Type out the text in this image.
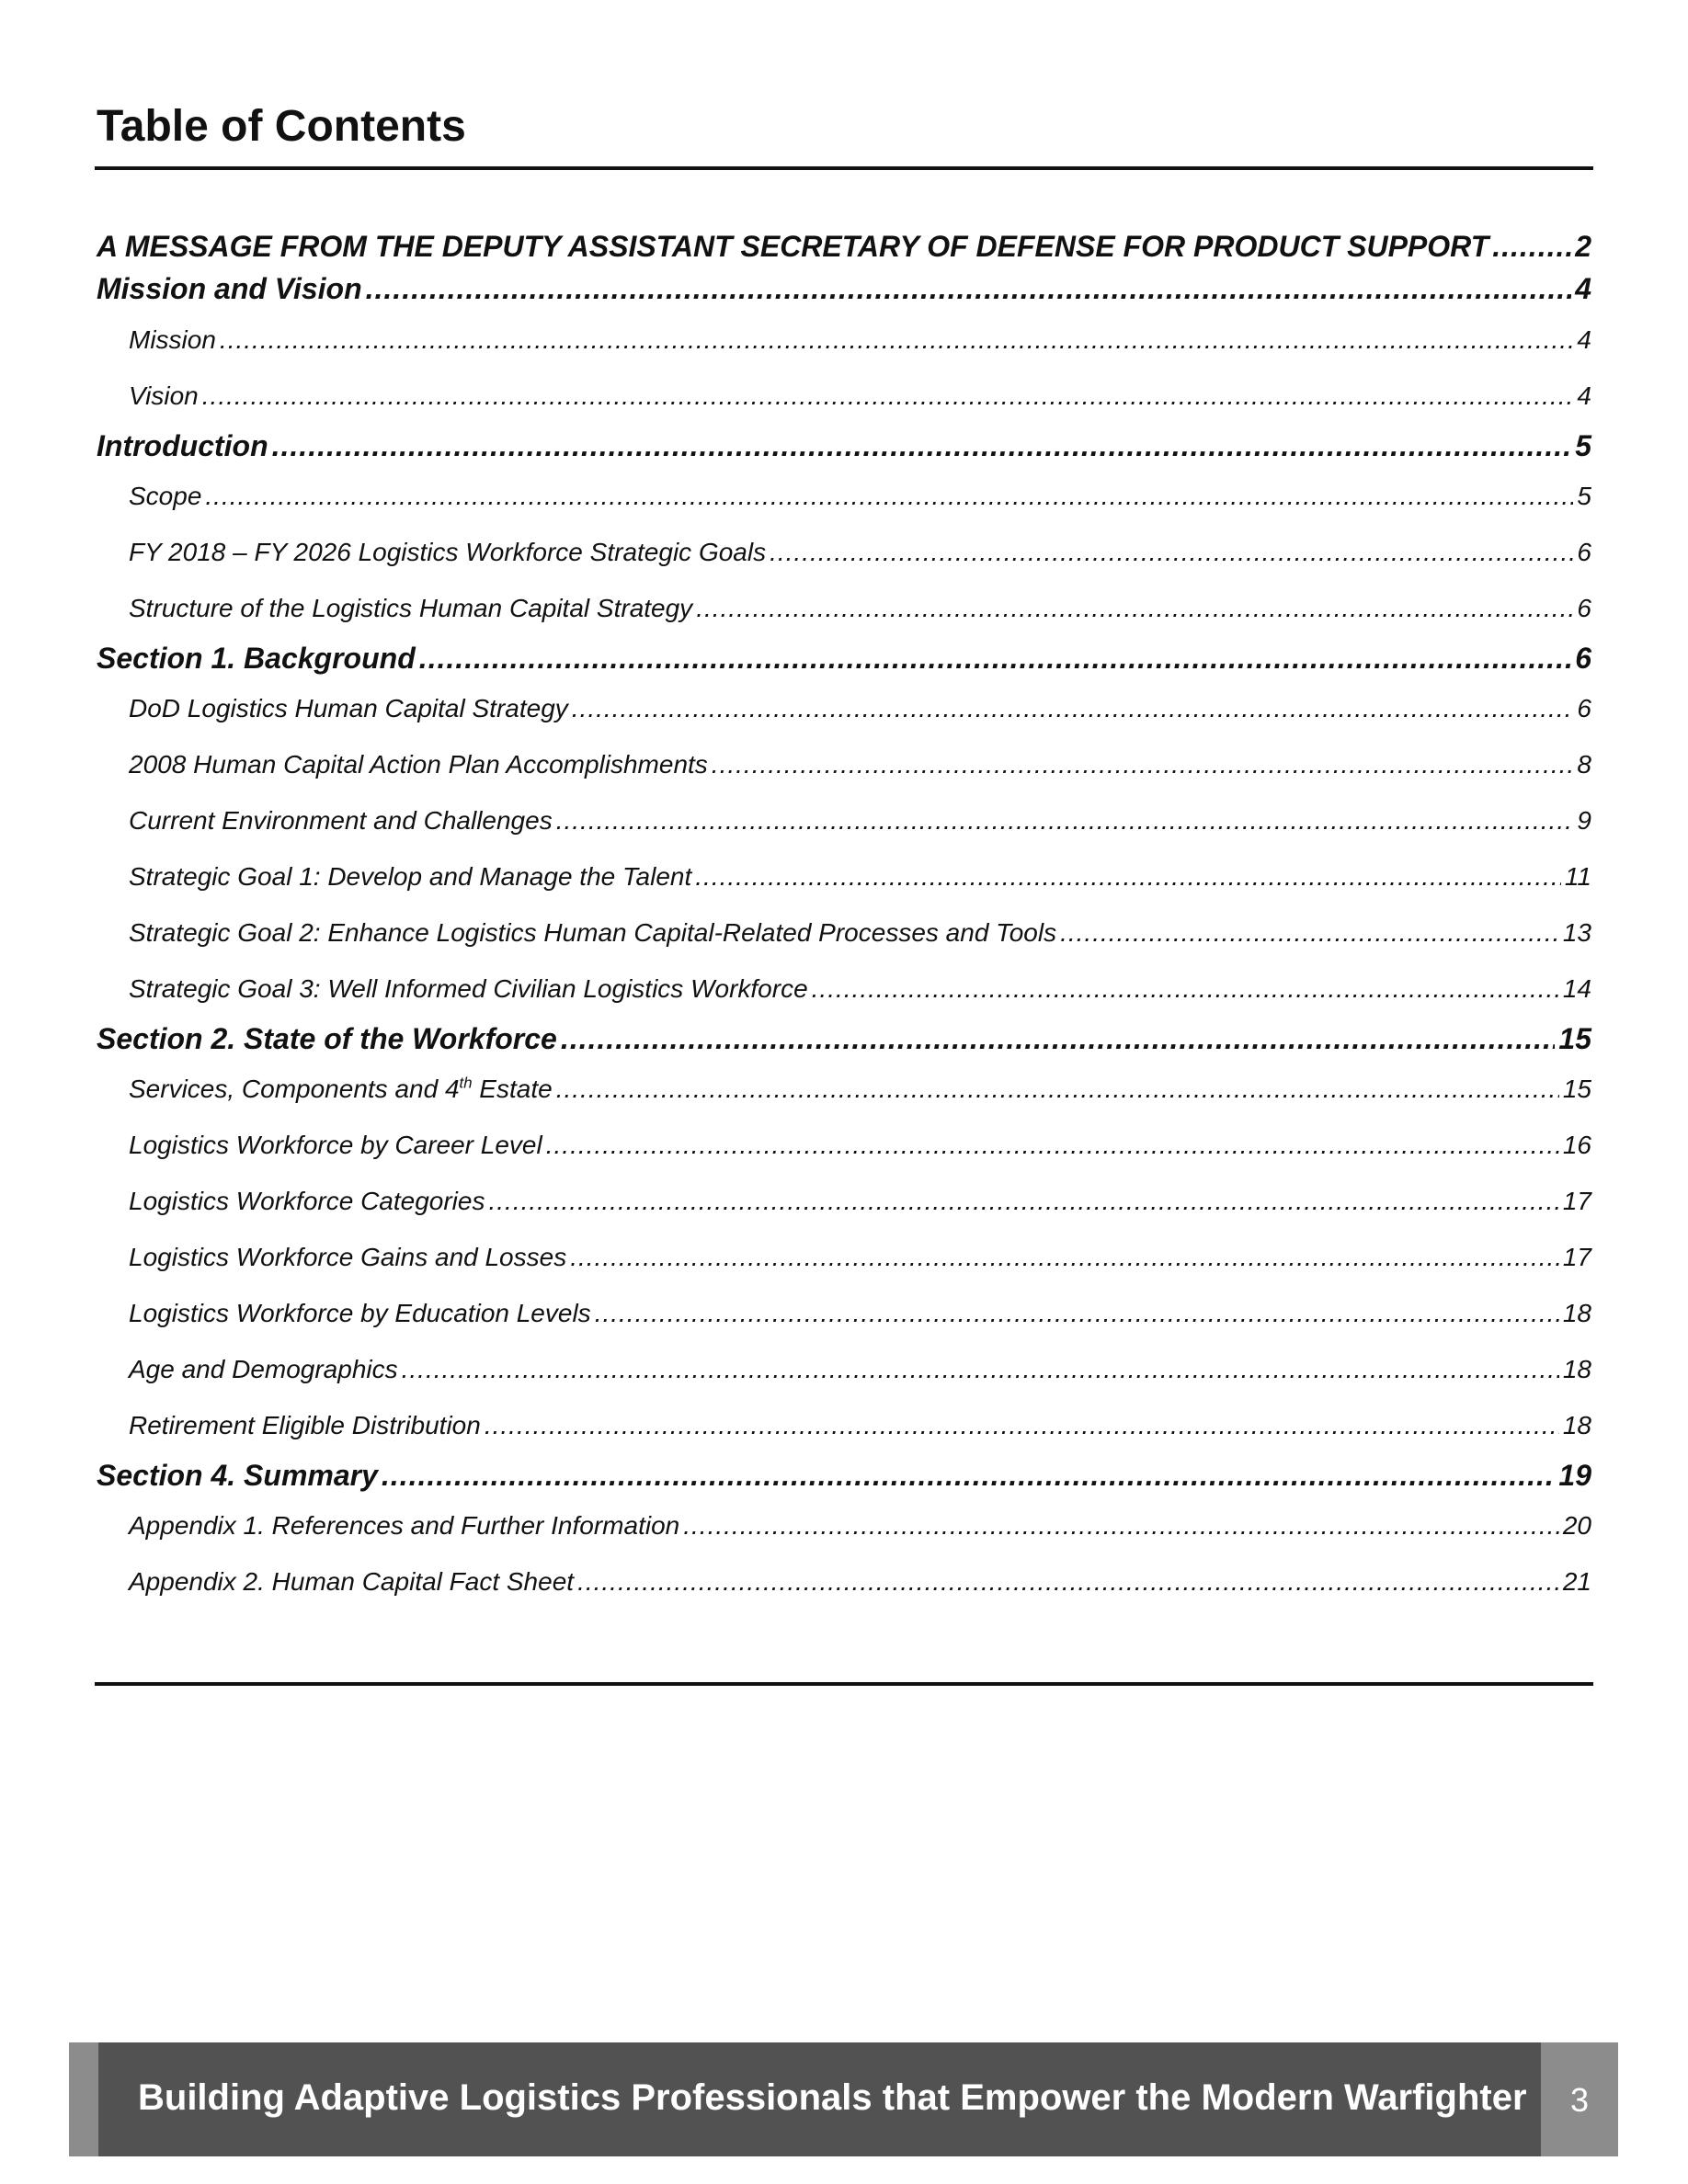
Table of Contents
A MESSAGE FROM THE DEPUTY ASSISTANT SECRETARY OF DEFENSE FOR PRODUCT SUPPORT .....	2
Mission and Vision .....	4
Mission .....	4
Vision .....	4
Introduction .....	5
Scope .....	5
FY 2018 – FY 2026 Logistics Workforce Strategic Goals .....	6
Structure of the Logistics Human Capital Strategy .....	6
Section 1. Background .....	6
DoD Logistics Human Capital Strategy .....	6
2008 Human Capital Action Plan Accomplishments .....	8
Current Environment and Challenges .....	9
Strategic Goal 1: Develop and Manage the Talent .....	11
Strategic Goal 2: Enhance Logistics Human Capital-Related Processes and Tools .....	13
Strategic Goal 3: Well Informed Civilian Logistics Workforce .....	14
Section 2. State of the Workforce .....	15
Services, Components and 4th Estate .....	15
Logistics Workforce by Career Level .....	16
Logistics Workforce Categories .....	17
Logistics Workforce Gains and Losses .....	17
Logistics Workforce by Education Levels .....	18
Age and Demographics .....	18
Retirement Eligible Distribution .....	18
Section 4. Summary .....	19
Appendix 1. References and Further Information .....	20
Appendix 2. Human Capital Fact Sheet .....	21
Building Adaptive Logistics Professionals that Empower the Modern Warfighter	3
